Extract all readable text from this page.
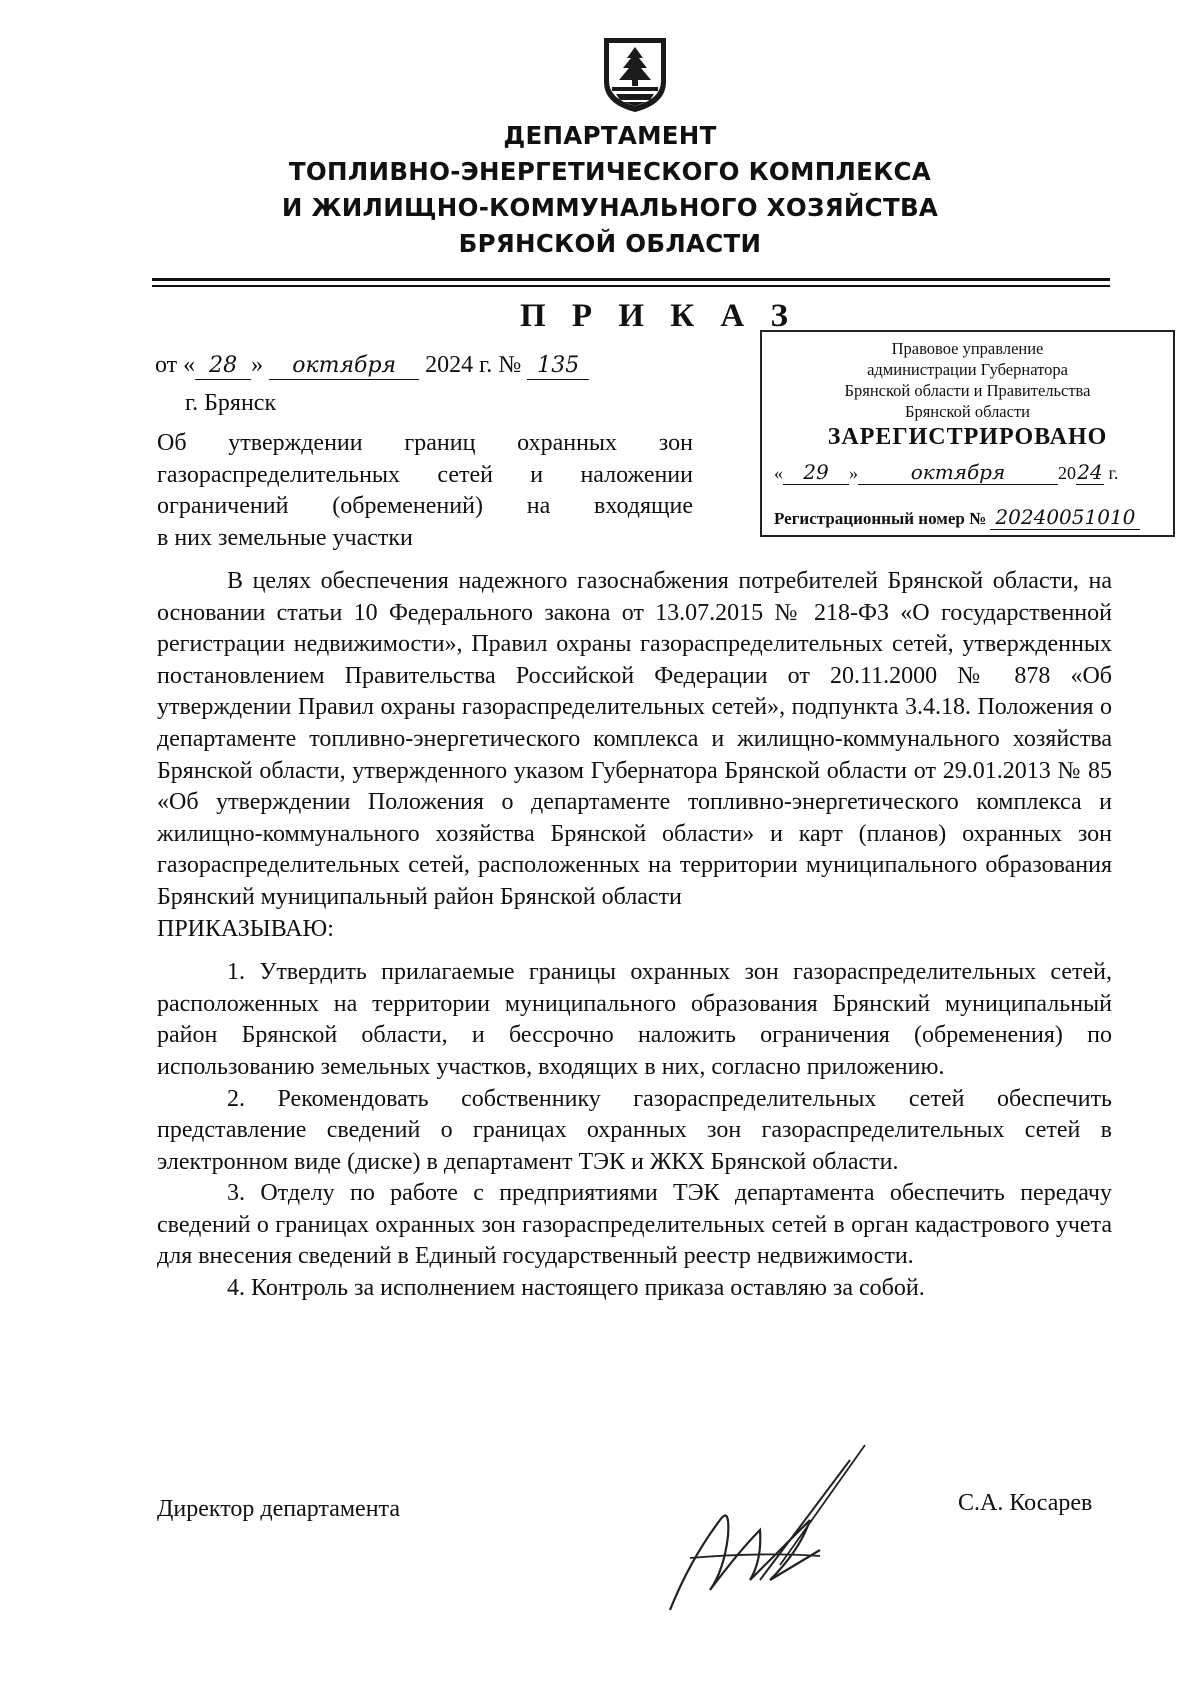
ДЕПАРТАМЕНТ
ТОПЛИВНО-ЭНЕРГЕТИЧЕСКОГО КОМПЛЕКСА
И ЖИЛИЩНО-КОММУНАЛЬНОГО ХОЗЯЙСТВА
БРЯНСКОЙ ОБЛАСТИ
П Р И К А З
от « 28 » октября 2024 г. № 135
г. Брянск
Об утверждении границ охранных зон
газораспределительных сетей и наложении
ограничений (обременений) на входящие
в них земельные участки
Правовое управление
администрации Губернатора
Брянской области и Правительства
Брянской области
ЗАРЕГИСТРИРОВАНО
« 29 »	октября	2024 г.
Регистрационный номер № 20240051010

В целях обеспечения надежного газоснабжения потребителей Брянской области, на основании статьи 10 Федерального закона от 13.07.2015 № 218-ФЗ «О государственной регистрации недвижимости», Правил охраны газораспределительных сетей, утвержденных постановлением Правительства Российской Федерации от 20.11.2000 № 878 «Об утверждении Правил охраны газораспределительных сетей», подпункта 3.4.18. Положения о департаменте топливно-энергетического комплекса и жилищно-коммунального хозяйства Брянской области, утвержденного указом Губернатора Брянской области от 29.01.2013 № 85 «Об утверждении Положения о департаменте топливно-энергетического комплекса и жилищно-коммунального хозяйства Брянской области» и карт (планов) охранных зон газораспределительных сетей, расположенных на территории муниципального образования Брянский муниципальный район Брянской области

ПРИКАЗЫВАЮ:

1. Утвердить прилагаемые границы охранных зон газораспределительных сетей, расположенных на территории муниципального образования Брянский муниципальный район Брянской области, и бессрочно наложить ограничения (обременения) по использованию земельных участков, входящих в них, согласно приложению.

2. Рекомендовать собственнику газораспределительных сетей обеспечить представление сведений о границах охранных зон газораспределительных сетей в электронном виде (диске) в департамент ТЭК и ЖКХ Брянской области.

3. Отделу по работе с предприятиями ТЭК департамента обеспечить передачу сведений о границах охранных зон газораспределительных сетей в орган кадастрового учета для внесения сведений в Единый государственный реестр недвижимости.

4. Контроль за исполнением настоящего приказа оставляю за собой.

Директор департамента	С.А. Косарев
